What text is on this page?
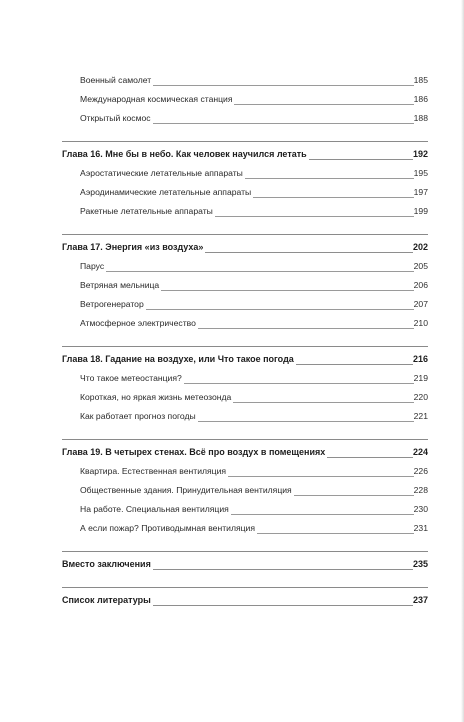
Военный самолет	185
Международная космическая станция	186
Открытый космос	188
Глава 16. Мне бы в небо. Как человек научился летать	192
Аэростатические летательные аппараты	195
Аэродинамические летательные аппараты	197
Ракетные летательные аппараты	199
Глава 17. Энергия «из воздуха»	202
Парус	205
Ветряная мельница	206
Ветрогенератор	207
Атмосферное электричество	210
Глава 18. Гадание на воздухе, или Что такое погода	216
Что такое метеостанция?	219
Короткая, но яркая жизнь метеозонда	220
Как работает прогноз погоды	221
Глава 19. В четырех стенах. Всё про воздух в помещениях	224
Квартира. Естественная вентиляция	226
Общественные здания. Принудительная вентиляция	228
На работе. Специальная вентиляция	230
А если пожар? Противодымная вентиляция	231
Вместо заключения	235
Список литературы	237
